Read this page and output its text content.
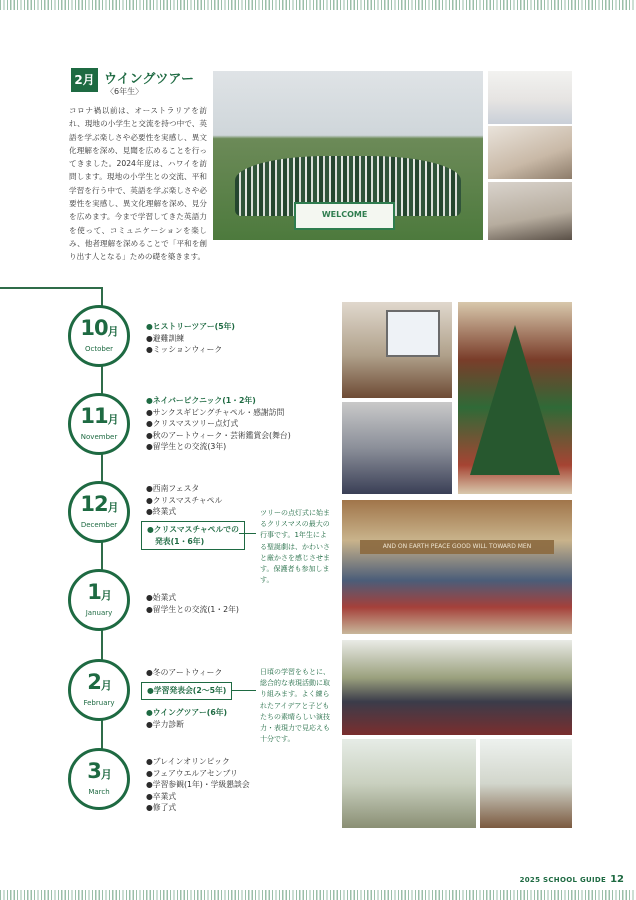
2月 ウイングツアー
〈6年生〉
コロナ禍以前は、オーストラリアを訪れ、現地の小学生と交流を持つ中で、英語を学ぶ楽しさや必要性を実感し、異文化理解を深め、見聞を広めることを行ってきました。2024年度は、ハワイを訪問します。現地の小学生との交流、平和学習を行う中で、英語を学ぶ楽しさや必要性を実感し、異文化理解を深め、見分を広めます。今まで学習してきた英語力を使って、コミュニケーションを楽しみ、他者理解を深めることで「平和を創り出す人となる」ための礎を築きます。
WELCOME
10月
October
11月
November
12月
December
1月
January
2月
February
3月
March
●ヒストリーツアー(5年)
●避難訓練
●ミッションウィーク
●ネイバーピクニック(1・2年)
●サンクスギビングチャペル・感謝訪問
●クリスマスツリー点灯式
●秋のアートウィーク・芸術鑑賞会(舞台)
●留学生との交流(3年)
●西南フェスタ
●クリスマスチャペル
●終業式
●クリスマスチャペルでの
発表(1・6年)
ツリーの点灯式に始まるクリスマスの最大の行事です。1年生による聖誕劇は、かわいさと厳かさを感じさせます。保護者も参加します。
●始業式
●留学生との交流(1・2年)
●冬のアートウィーク
●学習発表会(2〜5年)
●ウイングツアー(6年)
●学力診断
日頃の学習をもとに、総合的な表現活動に取り組みます。よく練られたアイデアと子どもたちの素晴らしい演技力・表現力で見応えも十分です。
●ブレインオリンピック
●フェアウエルアセンブリ
●学習参観(1年)・学級懇談会
●卒業式
●修了式
AND ON EARTH PEACE GOOD WILL TOWARD MEN
2025 SCHOOL GUIDE 12
